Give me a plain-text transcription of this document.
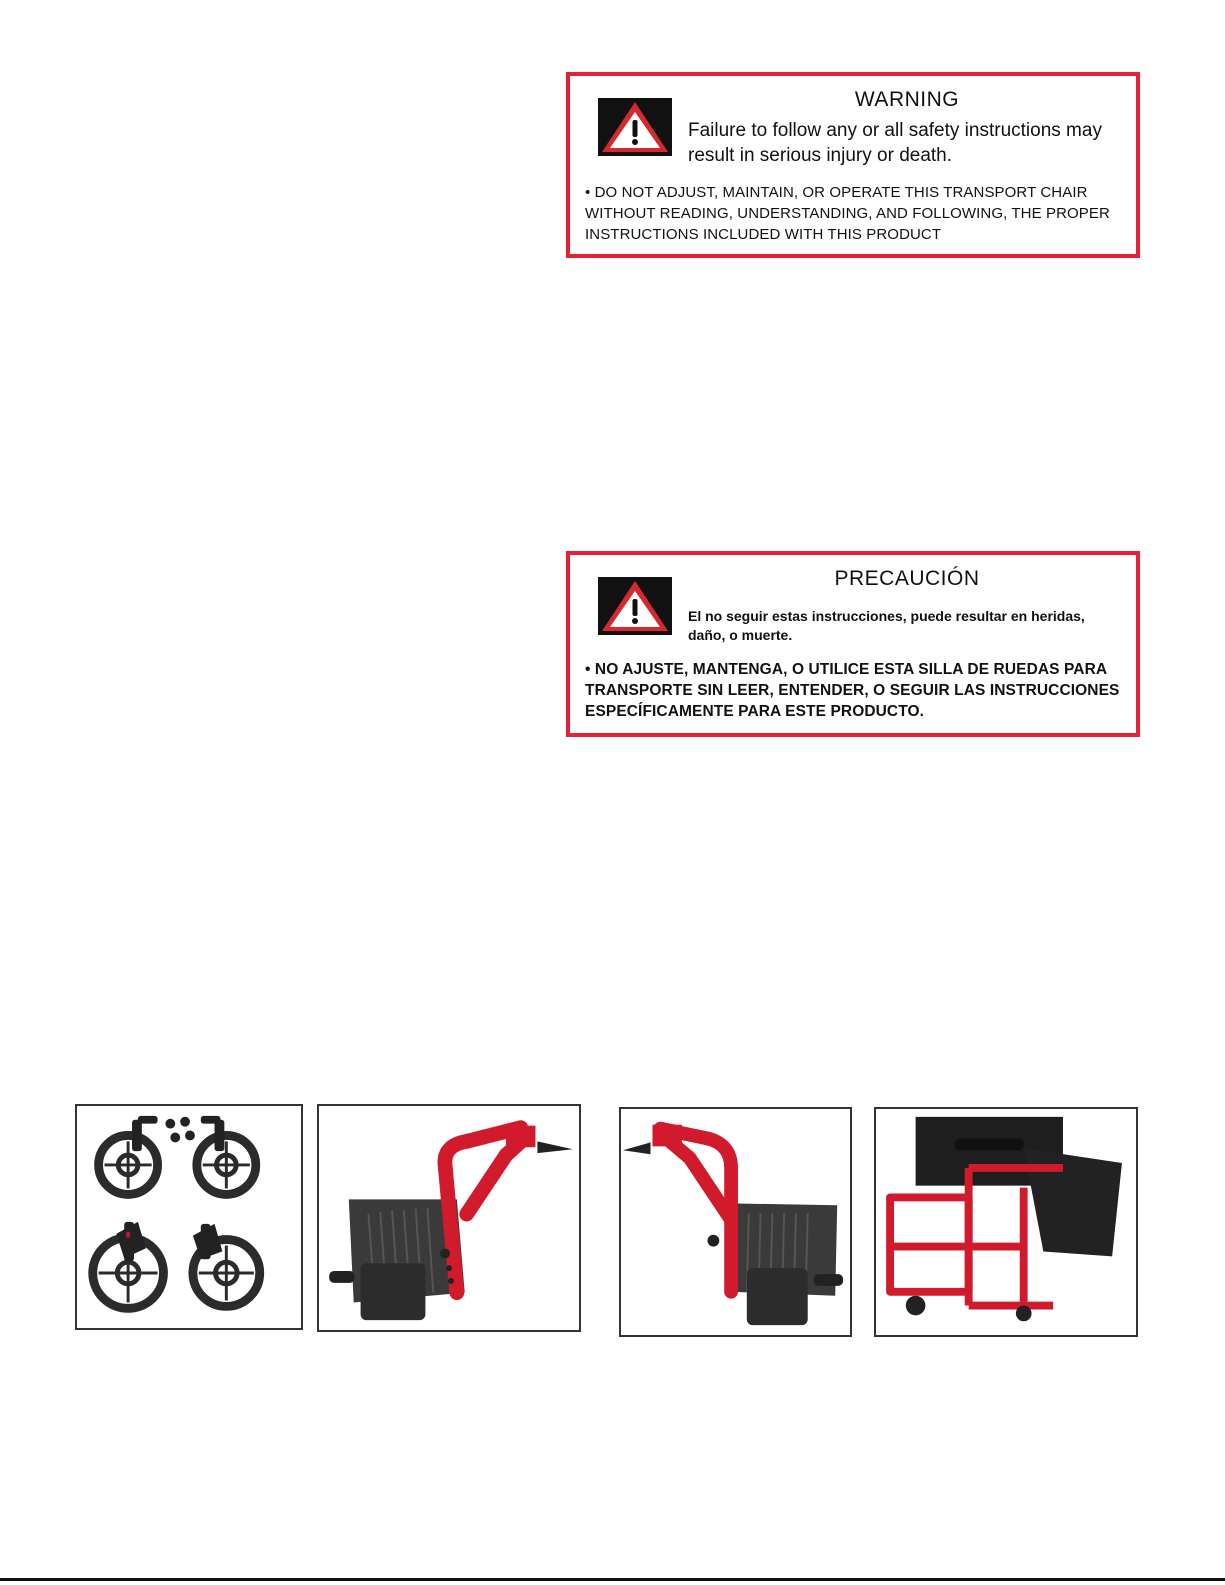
WARNING
Failure to follow any or all safety instructions may result in serious injury or death.
• DO NOT ADJUST, MAINTAIN, OR OPERATE THIS TRANSPORT CHAIR WITHOUT READING, UNDERSTANDING, AND FOLLOWING, THE PROPER INSTRUCTIONS INCLUDED WITH THIS PRODUCT
PRECAUCIÓN
El no seguir estas instrucciones, puede resultar en heridas, daño, o muerte.
• NO AJUSTE, MANTENGA, O UTILICE ESTA SILLA DE RUEDAS PARA TRANSPORTE SIN LEER, ENTENDER, O SEGUIR LAS INSTRUCCIONES ESPECÍFICAMENTE PARA ESTE PRODUCTO.
